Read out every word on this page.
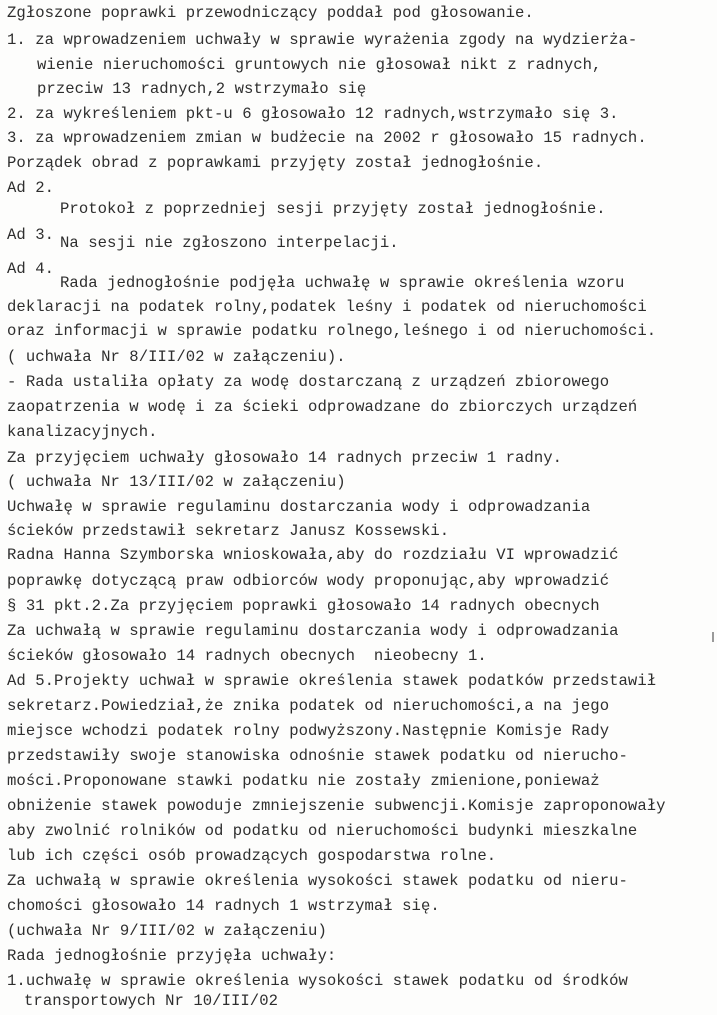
Zgłoszone poprawki przewodniczący poddał pod głosowanie.
1. za wprowadzeniem uchwały w sprawie wyrażenia zgody na wydzierża-
wienie nieruchomości gruntowych nie głosował nikt z radnych,
przeciw 13 radnych,2 wstrzymało się
2. za wykreśleniem pkt-u 6 głosowało 12 radnych,wstrzymało się 3.
3. za wprowadzeniem zmian w budżecie na 2002 r głosowało 15 radnych.
Porządek obrad z poprawkami przyjęty został jednogłośnie.
Ad 2.
Protokoł z poprzedniej sesji przyjęty został jednogłośnie.
Ad 3. Na sesji nie zgłoszono interpelacji.
Ad 4.
Rada jednogłośnie podjęła uchwałę w sprawie określenia wzoru
deklaracji na podatek rolny,podatek leśny i podatek od nieruchomości
oraz informacji w sprawie podatku rolnego,leśnego i od nieruchomości.
( uchwała Nr 8/III/02 w załączeniu).
- Rada ustaliła opłaty za wodę dostarczaną z urządzeń zbiorowego
zaopatrzenia w wodę i za ścieki odprowadzane do zbiorczych urządzeń
kanalizacyjnych.
Za przyjęciem uchwały głosowało 14 radnych przeciw 1 radny.
( uchwała Nr 13/III/02 w załączeniu)
Uchwałę w sprawie regulaminu dostarczania wody i odprowadzania
ścieków przedstawił sekretarz Janusz Kossewski.
Radna Hanna Szymborska wnioskowała,aby do rozdziału VI wprowadzić
poprawkę dotyczącą praw odbiorców wody proponując,aby wprowadzić
§ 31 pkt.2.Za przyjęciem poprawki głosowało 14 radnych obecnych
Za uchwałą w sprawie regulaminu dostarczania wody i odprowadzania
ścieków głosowało 14 radnych obecnych  nieobecny 1.
Ad 5.Projekty uchwał w sprawie określenia stawek podatków przedstawił
sekretarz.Powiedział,że znika podatek od nieruchomości,a na jego
miejsce wchodzi podatek rolny podwyższony.Następnie Komisje Rady
przedstawiły swoje stanowiska odnośnie stawek podatku od nierucho-
mości.Proponowane stawki podatku nie zostały zmienione,ponieważ
obniżenie stawek powoduje zmniejszenie subwencji.Komisje zaproponowały
aby zwolnić rolników od podatku od nieruchomości budynki mieszkalne
lub ich części osób prowadzących gospodarstwa rolne.
Za uchwałą w sprawie określenia wysokości stawek podatku od nieru-
chomości głosowało 14 radnych 1 wstrzymał się.
(uchwała Nr 9/III/02 w załączeniu)
Rada jednogłośnie przyjęła uchwały:
1.uchwałę w sprawie określenia wysokości stawek podatku od środków
transportowych Nr 10/III/02
